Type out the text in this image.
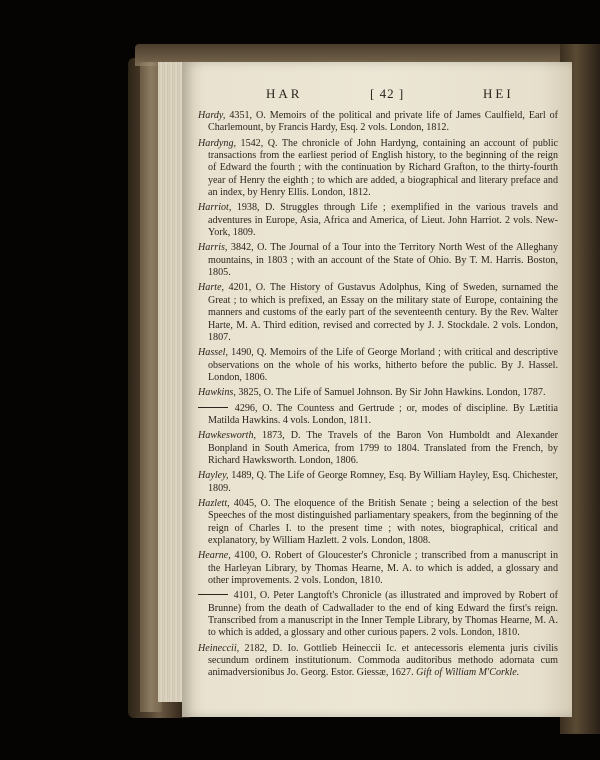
HAR	[ 42 ]	HEI
Hardy, 4351, O. Memoirs of the political and private life of James Caulfield, Earl of Charlemount, by Francis Hardy, Esq. 2 vols. London, 1812.
Hardyng, 1542, Q. The chronicle of John Hardyng, containing an account of public transactions from the earliest period of English history, to the beginning of the reign of Edward the fourth ; with the continuation by Richard Grafton, to the thirty-fourth year of Henry the eighth ; to which are added, a biographical and literary preface and an index, by Henry Ellis. London, 1812.
Harriot, 1938, D. Struggles through Life ; exemplified in the various travels and adventures in Europe, Asia, Africa and America, of Lieut. John Harriot. 2 vols. New-York, 1809.
Harris, 3842, O. The Journal of a Tour into the Territory North West of the Alleghany mountains, in 1803 ; with an account of the State of Ohio. By T. M. Harris. Boston, 1805.
Harte, 4201, O. The History of Gustavus Adolphus, King of Sweden, surnamed the Great ; to which is prefixed, an Essay on the military state of Europe, containing the manners and customs of the early part of the seventeenth century. By the Rev. Walter Harte, M. A. Third edition, revised and corrected by J. J. Stockdale. 2 vols. London, 1807.
Hassel, 1490, Q. Memoirs of the Life of George Morland ; with critical and descriptive observations on the whole of his works, hitherto before the public. By J. Hassel. London, 1806.
Hawkins, 3825, O. The Life of Samuel Johnson. By Sir John Hawkins. London, 1787.
4296, O. The Countess and Gertrude ; or, modes of discipline. By Lætitia Matilda Hawkins. 4 vols. London, 1811.
Hawkesworth, 1873, D. The Travels of the Baron Von Humboldt and Alexander Bonpland in South America, from 1799 to 1804. Translated from the French, by Richard Hawksworth. London, 1806.
Hayley, 1489, Q. The Life of George Romney, Esq. By William Hayley, Esq. Chichester, 1809.
Hazlett, 4045, O. The eloquence of the British Senate ; being a selection of the best Speeches of the most distinguished parliamentary speakers, from the beginning of the reign of Charles I. to the present time ; with notes, biographical, critical and explanatory, by William Hazlett. 2 vols. London, 1808.
Hearne, 4100, O. Robert of Gloucester's Chronicle ; transcribed from a manuscript in the Harleyan Library, by Thomas Hearne, M. A. to which is added, a glossary and other improvements. 2 vols. London, 1810.
4101, O. Peter Langtoft's Chronicle (as illustrated and improved by Robert of Brunne) from the death of Cadwallader to the end of king Edward the first's reign. Transcribed from a manuscript in the Inner Temple Library, by Thomas Hearne, M. A. to which is added, a glossary and other curious papers. 2 vols. London, 1810.
Heineccii, 2182, D. Io. Gottlieb Heineccii Ic. et antecessoris elementa juris civilis secundum ordinem institutionum. Commoda auditoribus methodo adornata cum animadversionibus Jo. Georg. Estor. Giessæ, 1627. Gift of William M'Corkle.
